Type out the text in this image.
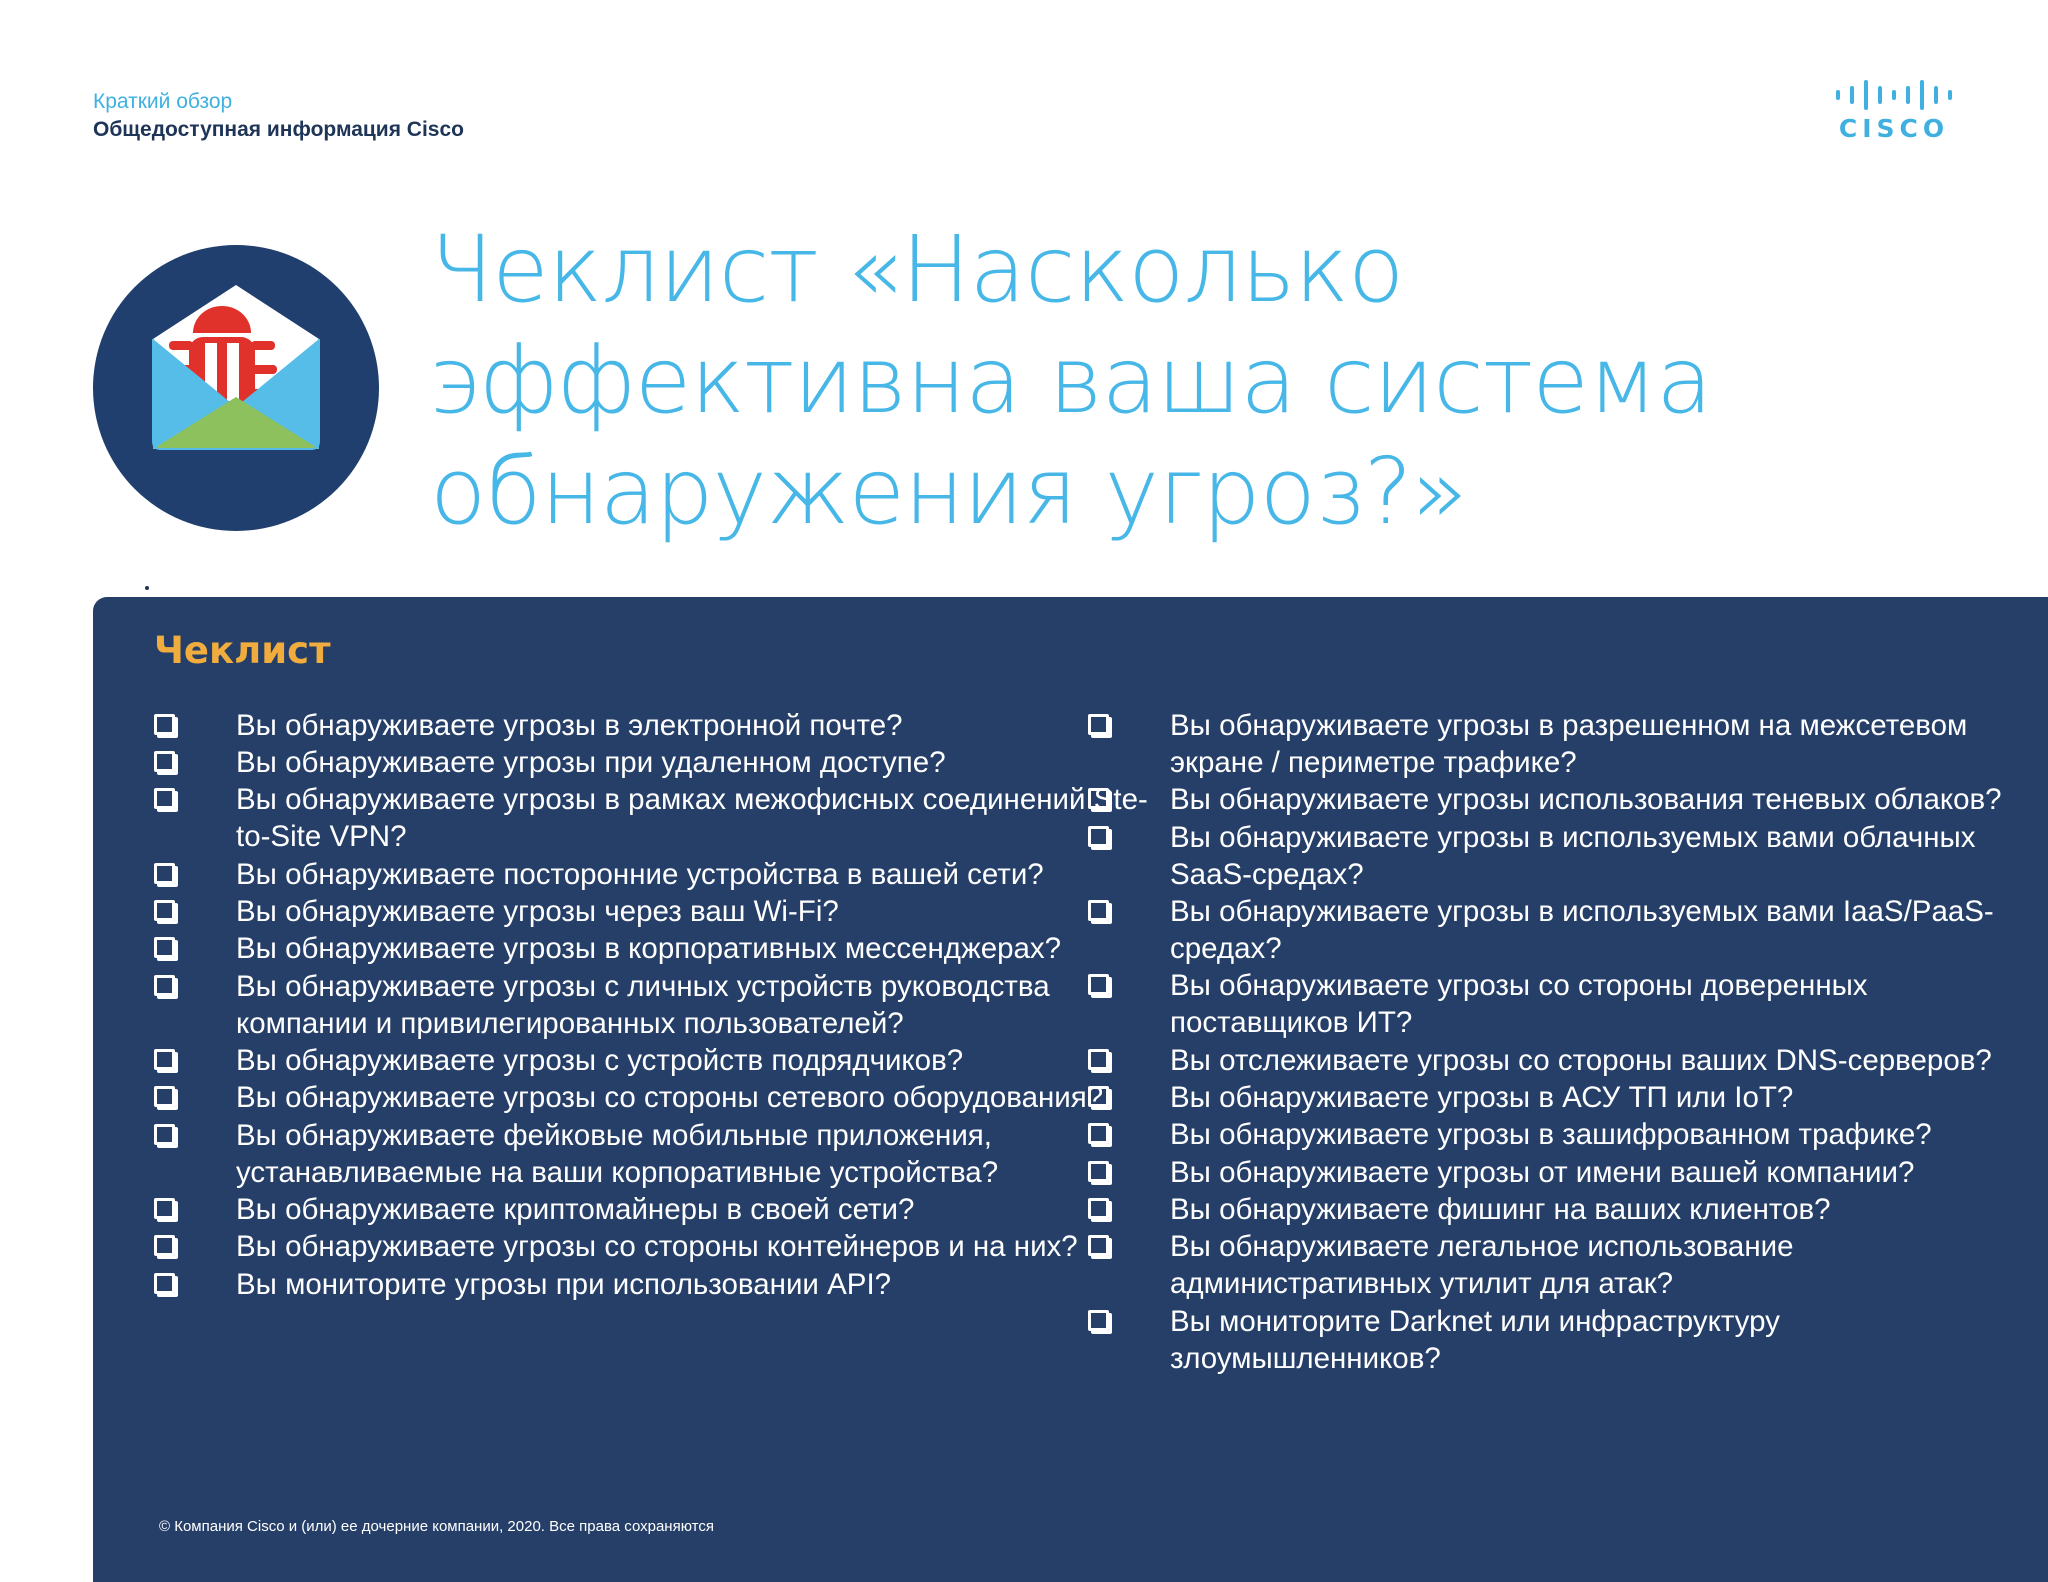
Краткий обзор
Общедоступная информация Cisco	CISCO
Чеклист «Насколько эффективна ваша система обнаружения угроз?»
Чеклист
Вы обнаруживаете угрозы в электронной почте?
Вы обнаруживаете угрозы при удаленном доступе?
Вы обнаруживаете угрозы в рамках межофисных соединений Ste-to-Site VPN?
Вы обнаруживаете посторонние устройства в вашей сети?
Вы обнаруживаете угрозы через ваш Wi-Fi?
Вы обнаруживаете угрозы в корпоративных мессенджерах?
Вы обнаруживаете угрозы с личных устройств руководства компании и привилегированных пользователей?
Вы обнаруживаете угрозы с устройств подрядчиков?
Вы обнаруживаете угрозы со стороны сетевого оборудования?
Вы обнаруживаете фейковые мобильные приложения, устанавливаемые на ваши корпоративные устройства?
Вы обнаруживаете криптомайнеры в своей сети?
Вы обнаруживаете угрозы со стороны контейнеров и на них?
Вы мониторите угрозы при использовании API?
Вы обнаруживаете угрозы в разрешенном на межсетевом экране / периметре трафике?
Вы обнаруживаете угрозы использования теневых облаков?
Вы обнаруживаете угрозы в используемых вами облачных SaaS-средах?
Вы обнаруживаете угрозы в используемых вами IaaS/PaaS-средах?
Вы обнаруживаете угрозы со стороны доверенных поставщиков ИТ?
Вы отслеживаете угрозы со стороны ваших DNS-серверов?
Вы обнаруживаете угрозы в АСУ ТП или IoT?
Вы обнаруживаете угрозы в зашифрованном трафике?
Вы обнаруживаете угрозы от имени вашей компании?
Вы обнаруживаете фишинг на ваших клиентов?
Вы обнаруживаете легальное использование административных утилит для атак?
Вы мониторите Darknet или инфраструктуру злоумышленников?
© Компания Cisco и (или) ее дочерние компании, 2020. Все права сохраняются
